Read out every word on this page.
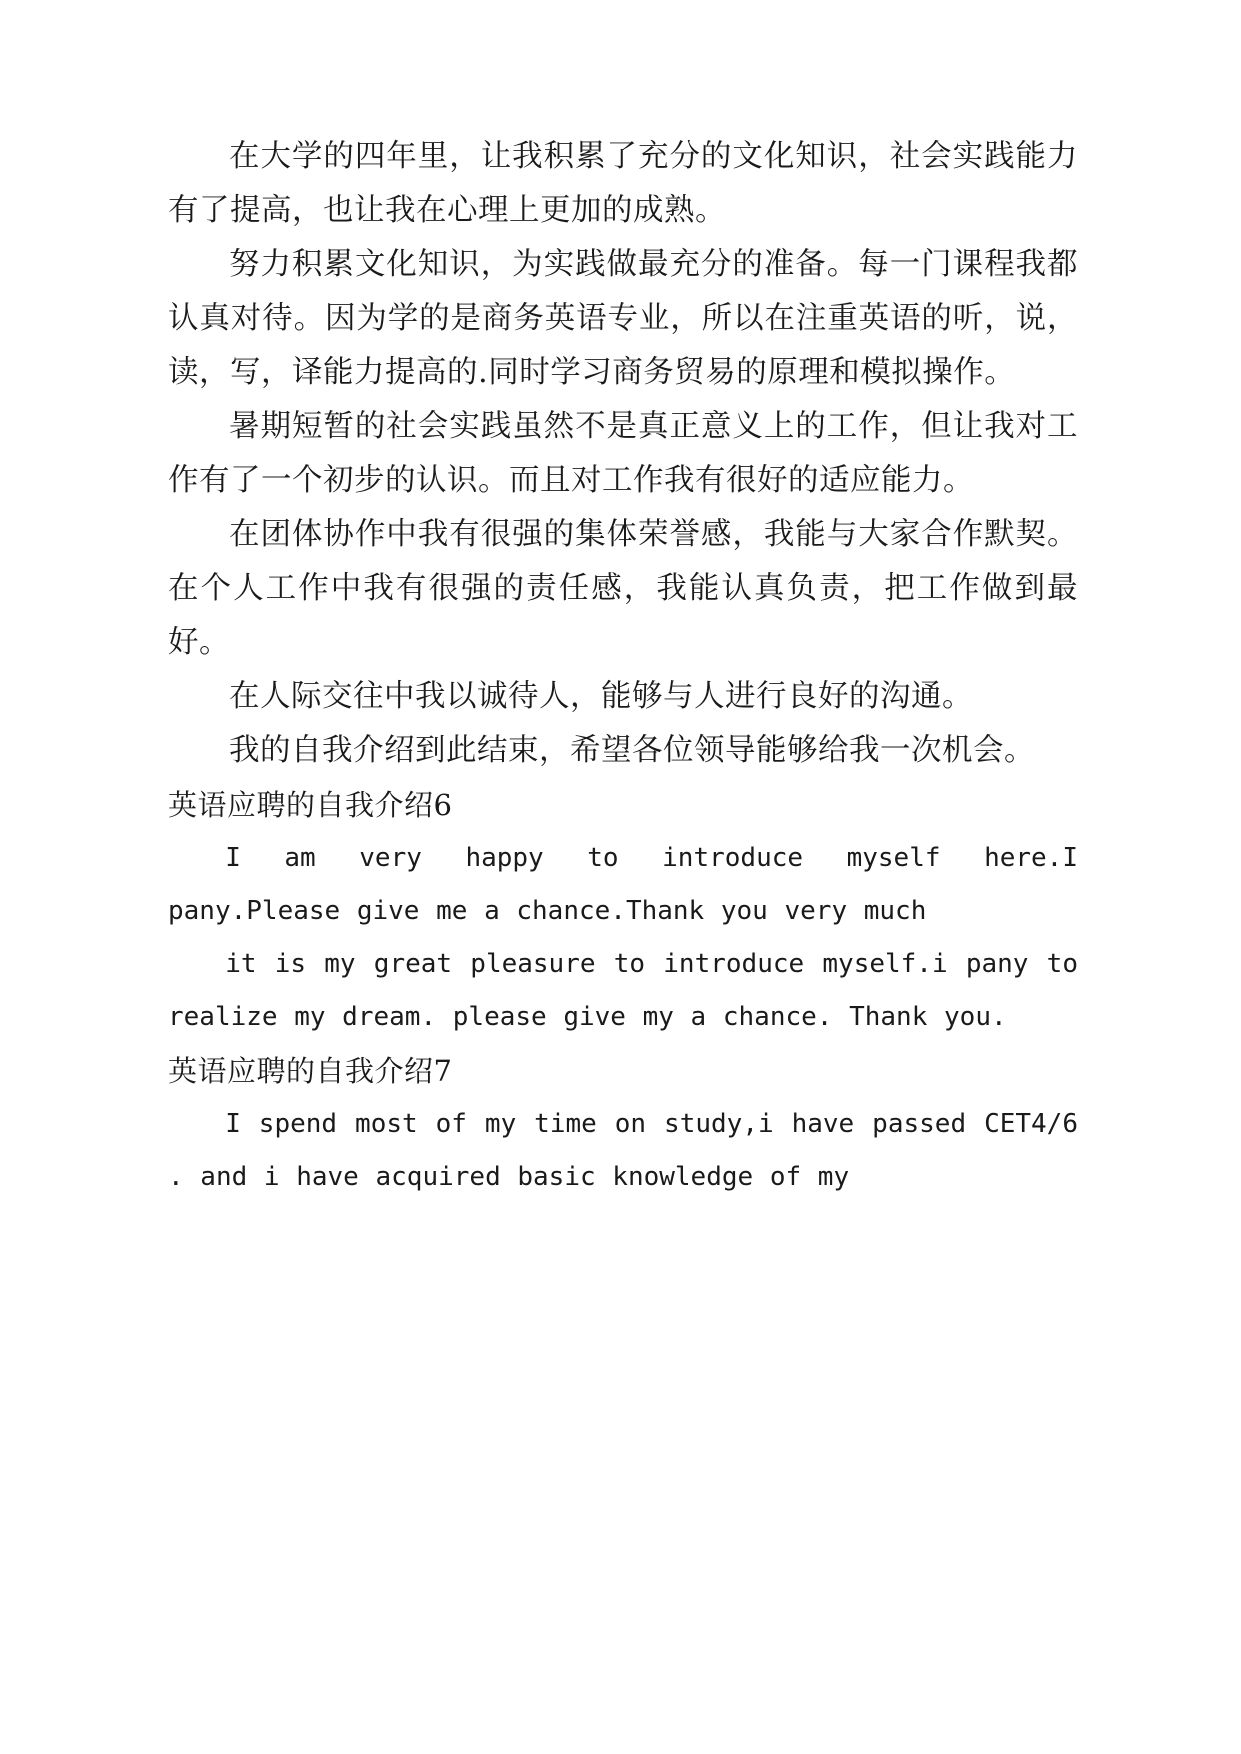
在大学的四年里，让我积累了充分的文化知识，社会实践能力有了提高，也让我在心理上更加的成熟。

努力积累文化知识，为实践做最充分的准备。每一门课程我都认真对待。因为学的是商务英语专业，所以在注重英语的听，说，读，写，译能力提高的.同时学习商务贸易的原理和模拟操作。

暑期短暂的社会实践虽然不是真正意义上的工作，但让我对工作有了一个初步的认识。而且对工作我有很好的适应能力。

在团体协作中我有很强的集体荣誉感，我能与大家合作默契。在个人工作中我有很强的责任感，我能认真负责，把工作做到最好。

在人际交往中我以诚待人，能够与人进行良好的沟通。

我的自我介绍到此结束，希望各位领导能够给我一次机会。

英语应聘的自我介绍6

I am very happy to introduce myself here.I pany.Please give me a chance.Thank you very much

it is my great pleasure to introduce myself.i pany to realize my dream. please give my a chance. Thank you.

英语应聘的自我介绍7

I spend most of my time on study,i have passed CET4/6 . and i have acquired basic knowledge of my
